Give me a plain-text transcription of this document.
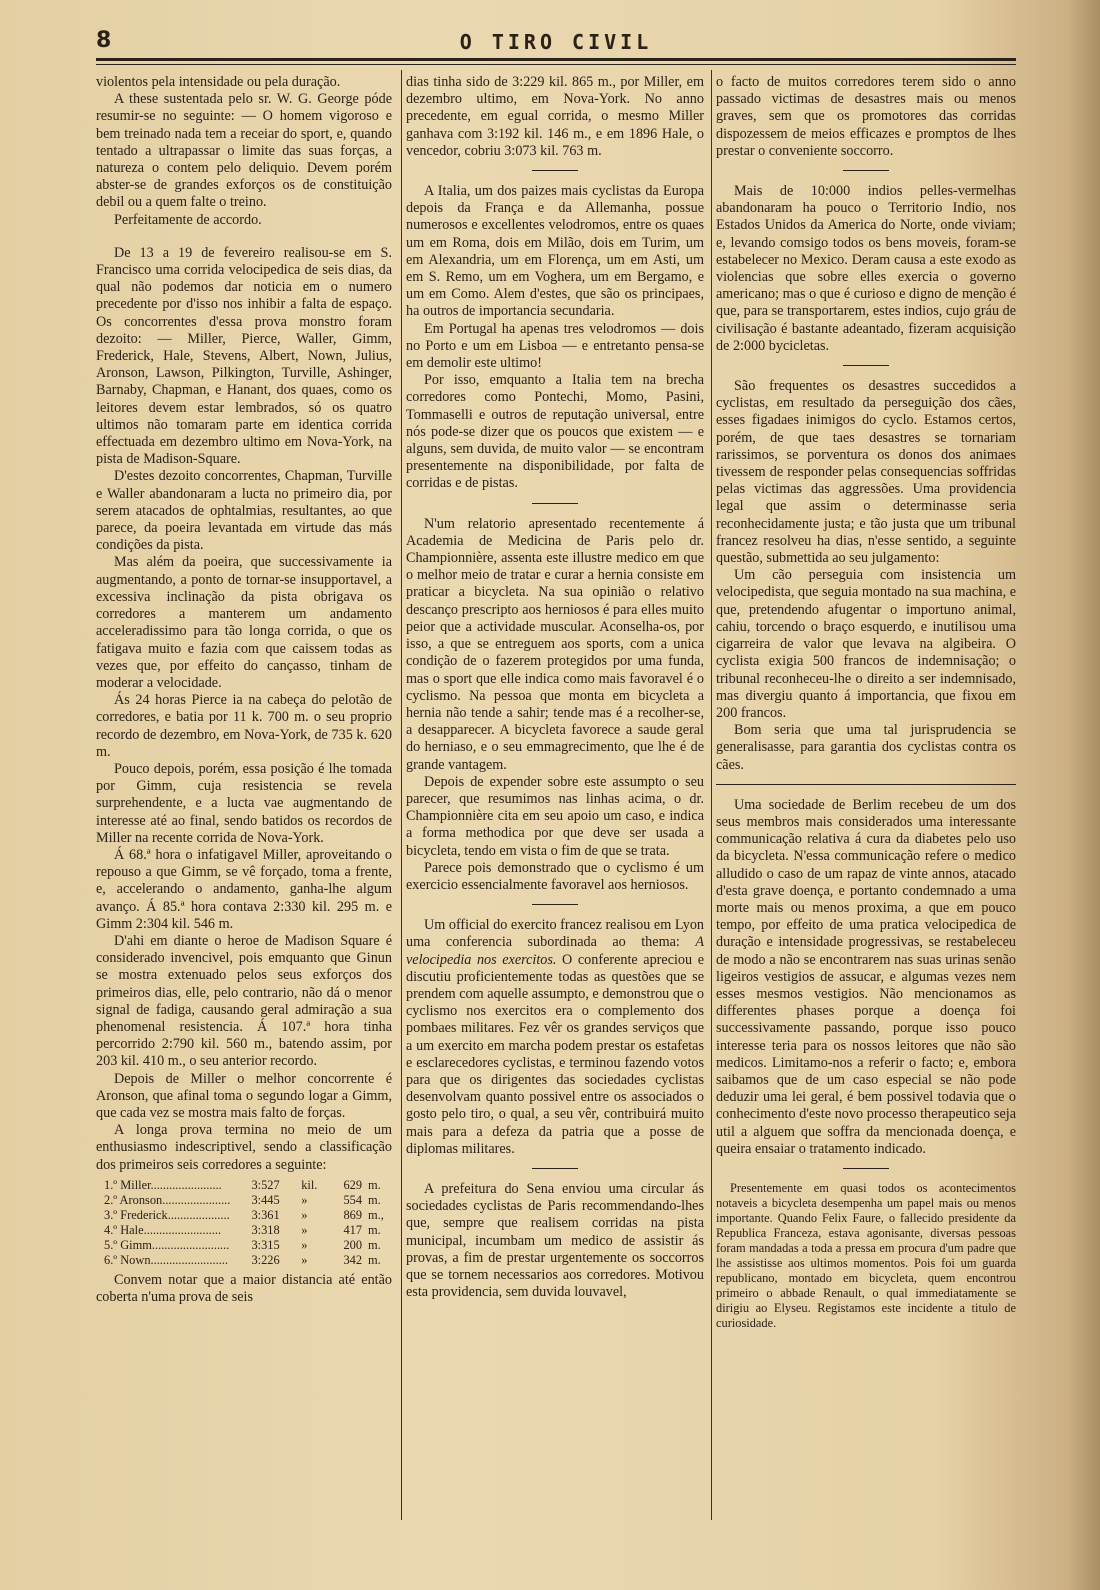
8	O TIRO CIVIL

violentos pela intensidade ou pela duração.

A these sustentada pelo sr. W. G. George póde resumir-se no seguinte: — O homem vigoroso e bem treinado nada tem a receiar do sport, e, quando tentado a ultrapassar o limite das suas forças, a natureza o contem pelo deliquio. Devem porém abster-se de grandes exforços os de constituição debil ou a quem falte o treino.

Perfeitamente de accordo.

De 13 a 19 de fevereiro realisou-se em S. Francisco uma corrida velocipedica de seis dias, da qual não podemos dar noticia em o numero precedente por d'isso nos inhibir a falta de espaço. Os concorrentes d'essa prova monstro foram dezoito: — Miller, Pierce, Waller, Gimm, Frederick, Hale, Stevens, Albert, Nown, Julius, Aronson, Lawson, Pilkington, Turville, Ashinger, Barnaby, Chapman, e Hanant, dos quaes, como os leitores devem estar lembrados, só os quatro ultimos não tomaram parte em identica corrida effectuada em dezembro ultimo em Nova-York, na pista de Madison-Square.

D'estes dezoito concorrentes, Chapman, Turville e Waller abandonaram a lucta no primeiro dia, por serem atacados de ophtalmias, resultantes, ao que parece, da poeira levantada em virtude das más condições da pista.

Mas além da poeira, que successivamente ia augmentando, a ponto de tornar-se insupportavel, a excessiva inclinação da pista obrigava os corredores a manterem um andamento acceleradissimo para tão longa corrida, o que os fatigava muito e fazia com que caissem todas as vezes que, por effeito do cançasso, tinham de moderar a velocidade.

Ás 24 horas Pierce ia na cabeça do pelotão de corredores, e batia por 11 k. 700 m. o seu proprio recordo de dezembro, em Nova-York, de 735 k. 620 m.

Pouco depois, porém, essa posição é lhe tomada por Gimm, cuja resistencia se revela surprehendente, e a lucta vae augmentando de interesse até ao final, sendo batidos os recordos de Miller na recente corrida de Nova-York.

Á 68.ª hora o infatigavel Miller, aproveitando o repouso a que Gimm, se vê forçado, toma a frente, e, accelerando o andamento, ganha-lhe algum avanço. Á 85.ª hora contava 2:330 kil. 295 m. e Gimm 2:304 kil. 546 m.

D'ahi em diante o heroe de Madison Square é considerado invencivel, pois emquanto que Ginun se mostra extenuado pelos seus exforços dos primeiros dias, elle, pelo contrario, não dá o menor signal de fadiga, causando geral admiração a sua phenomenal resistencia. Á 107.ª hora tinha percorrido 2:790 kil. 560 m., batendo assim, por 203 kil. 410 m., o seu anterior recordo.

Depois de Miller o melhor concorrente é Aronson, que afinal toma o segundo logar a Gimm, que cada vez se mostra mais falto de forças.

A longa prova termina no meio de um enthusiasmo indescriptivel, sendo a classificação dos primeiros seis corredores a seguinte:

1.º Miller.......................	3:527	kil.	629 m.
2.º Aronson......................	3:445	»	554 m.
3.º Frederick....................	3:361	»	869 m.,
4.º Hale.........................	3:318	»	417 m.
5.º Gimm.........................	3:315	»	200 m.
6.º Nown.........................	3:226	»	342 m.

Convem notar que a maior distancia até então coberta n'uma prova de seis

dias tinha sido de 3:229 kil. 865 m., por Miller, em dezembro ultimo, em Nova-York. No anno precedente, em egual corrida, o mesmo Miller ganhava com 3:192 kil. 146 m., e em 1896 Hale, o vencedor, cobriu 3:073 kil. 763 m.

A Italia, um dos paizes mais cyclistas da Europa depois da França e da Allemanha, possue numerosos e excellentes velodromos, entre os quaes um em Roma, dois em Milão, dois em Turim, um em Alexandria, um em Florença, um em Asti, um em S. Remo, um em Voghera, um em Bergamo, e um em Como. Alem d'estes, que são os principaes, ha outros de importancia secundaria.

Em Portugal ha apenas tres velodromos — dois no Porto e um em Lisboa — e entretanto pensa-se em demolir este ultimo!

Por isso, emquanto a Italia tem na brecha corredores como Pontechi, Momo, Pasini, Tommaselli e outros de reputação universal, entre nós pode-se dizer que os poucos que existem — e alguns, sem duvida, de muito valor — se encontram presentemente na disponibilidade, por falta de corridas e de pistas.

N'um relatorio apresentado recentemente á Academia de Medicina de Paris pelo dr. Championnière, assenta este illustre medico em que o melhor meio de tratar e curar a hernia consiste em praticar a bicycleta. Na sua opinião o relativo descanço prescripto aos herniosos é para elles muito peior que a actividade muscular. Aconselha-os, por isso, a que se entreguem aos sports, com a unica condição de o fazerem protegidos por uma funda, mas o sport que elle indica como mais favoravel é o cyclismo. Na pessoa que monta em bicycleta a hernia não tende a sahir; tende mas é a recolher-se, a desapparecer. A bicycleta favorece a saude geral do herniaso, e o seu emmagrecimento, que lhe é de grande vantagem.

Depois de expender sobre este assumpto o seu parecer, que resumimos nas linhas acima, o dr. Championnière cita em seu apoio um caso, e indica a forma methodica por que deve ser usada a bicycleta, tendo em vista o fim de que se trata.

Parece pois demonstrado que o cyclismo é um exercicio essencialmente favoravel aos herniosos.

Um official do exercito francez realisou em Lyon uma conferencia subordinada ao thema: A velocipedia nos exercitos. O conferente apreciou e discutiu proficientemente todas as questões que se prendem com aquelle assumpto, e demonstrou que o cyclismo nos exercitos era o complemento dos pombaes militares. Fez vêr os grandes serviços que a um exercito em marcha podem prestar os estafetas e esclarecedores cyclistas, e terminou fazendo votos para que os dirigentes das sociedades cyclistas desenvolvam quanto possivel entre os associados o gosto pelo tiro, o qual, a seu vêr, contribuirá muito mais para a defeza da patria que a posse de diplomas militares.

A prefeitura do Sena enviou uma circular ás sociedades cyclistas de Paris recommendando-lhes que, sempre que realisem corridas na pista municipal, incumbam um medico de assistir ás provas, a fim de prestar urgentemente os soccorros que se tornem necessarios aos corredores. Motivou esta providencia, sem duvida louvavel,

o facto de muitos corredores terem sido o anno passado victimas de desastres mais ou menos graves, sem que os promotores das corridas dispozessem de meios efficazes e promptos de lhes prestar o conveniente soccorro.

Mais de 10:000 indios pelles-vermelhas abandonaram ha pouco o Territorio Indio, nos Estados Unidos da America do Norte, onde viviam; e, levando comsigo todos os bens moveis, foram-se estabelecer no Mexico. Deram causa a este exodo as violencias que sobre elles exercia o governo americano; mas o que é curioso e digno de menção é que, para se transportarem, estes indios, cujo gráu de civilisação é bastante adeantado, fizeram acquisição de 2:000 bycicletas.

São frequentes os desastres succedidos a cyclistas, em resultado da perseguição dos cães, esses figadaes inimigos do cyclo. Estamos certos, porém, de que taes desastres se tornariam rarissimos, se porventura os donos dos animaes tivessem de responder pelas consequencias soffridas pelas victimas das aggressões. Uma providencia legal que assim o determinasse seria reconhecidamente justa; e tão justa que um tribunal francez resolveu ha dias, n'esse sentido, a seguinte questão, submettida ao seu julgamento:

Um cão perseguia com insistencia um velocipedista, que seguia montado na sua machina, e que, pretendendo afugentar o importuno animal, cahiu, torcendo o braço esquerdo, e inutilisou uma cigarreira de valor que levava na algibeira. O cyclista exigia 500 francos de indemnisação; o tribunal reconheceu-lhe o direito a ser indemnisado, mas divergiu quanto á importancia, que fixou em 200 francos.

Bom seria que uma tal jurisprudencia se generalisasse, para garantia dos cyclistas contra os cães.

Uma sociedade de Berlim recebeu de um dos seus membros mais considerados uma interessante communicação relativa á cura da diabetes pelo uso da bicycleta. N'essa communicação refere o medico alludido o caso de um rapaz de vinte annos, atacado d'esta grave doença, e portanto condemnado a uma morte mais ou menos proxima, a que em pouco tempo, por effeito de uma pratica velocipedica de duração e intensidade progressivas, se restabeleceu de modo a não se encontrarem nas suas urinas senão ligeiros vestigios de assucar, e algumas vezes nem esses mesmos vestigios. Não mencionamos as differentes phases porque a doença foi successivamente passando, porque isso pouco interesse teria para os nossos leitores que não são medicos. Limitamo-nos a referir o facto; e, embora saibamos que de um caso especial se não pode deduzir uma lei geral, é bem possivel todavia que o conhecimento d'este novo processo therapeutico seja util a alguem que soffra da mencionada doença, e queira ensaiar o tratamento indicado.

Presentemente em quasi todos os acontecimentos notaveis a bicycleta desempenha um papel mais ou menos importante. Quando Felix Faure, o fallecido presidente da Republica Franceza, estava agonisante, diversas pessoas foram mandadas a toda a pressa em procura d'um padre que lhe assistisse aos ultimos momentos. Pois foi um guarda republicano, montado em bicycleta, quem encontrou primeiro o abbade Renault, o qual immediatamente se dirigiu ao Elyseu. Registamos este incidente a titulo de curiosidade.
